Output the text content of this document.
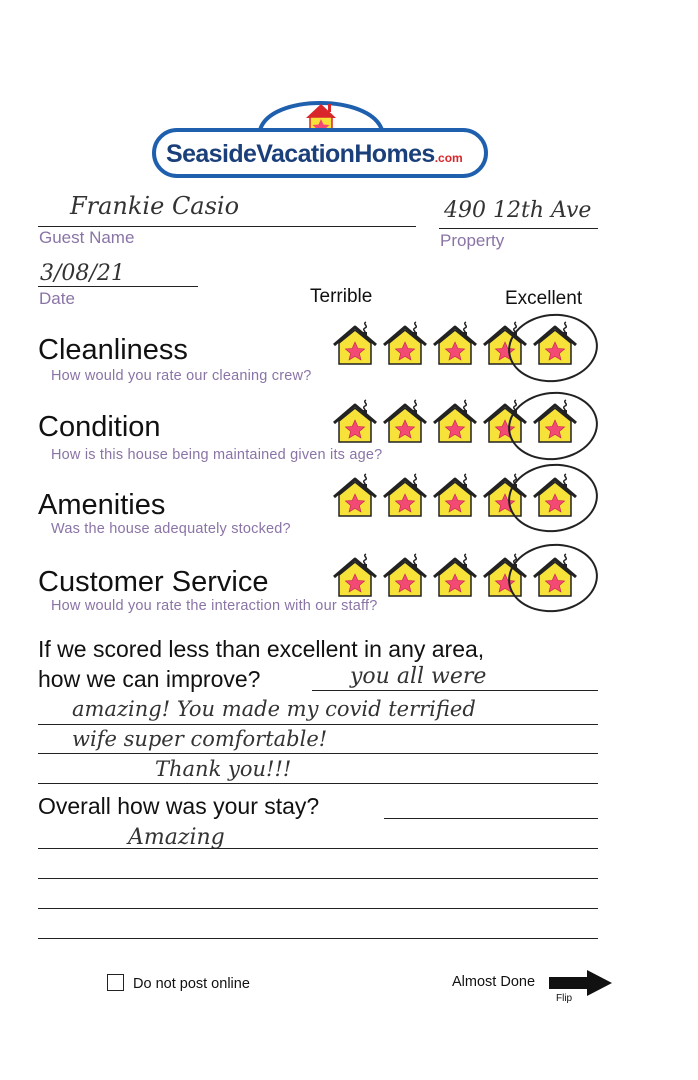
SeasideVacationHomes.com
Frankie Casio
Guest Name
490 12th Ave
Property
3/08/21
Date	Terrible	Excellent
Cleanliness
How would you rate our cleaning crew?
Condition
How is this house being maintained given its age?
Amenities
Was the house adequately stocked?
Customer Service
How would you rate the interaction with our staff?
If we scored less than excellent in any area,
how we can improve?	you all were
amazing! You made my covid terrified
wife super comfortable!
Thank you!!!
Overall how was your stay?
Amazing
Do not post online	Almost Done
Flip
